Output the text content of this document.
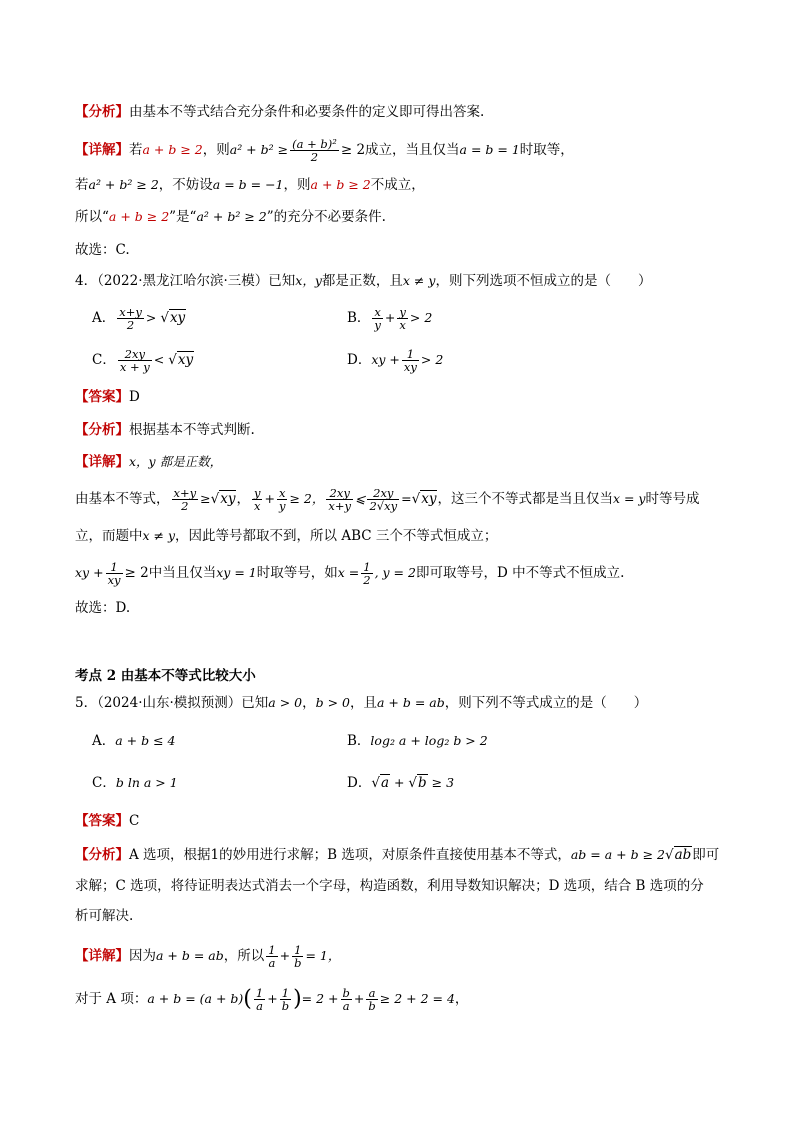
【分析】由基本不等式结合充分条件和必要条件的定义即可得出答案.
【详解】若a + b ≥ 2，则$a^2 + b^2 \ge \frac{\text{(a + b)²}}{2} \ge 2$成立，当且仅当a = b = 1时取等，
若a² + b² ≥ 2，不妨设a = b = −1，则a + b ≥ 2不成立，
所以“a + b ≥ 2”是“a² + b² ≥ 2”的充分不必要条件.
故选：C.
4．（2022·黑龙江哈尔滨·三模）已知x，y都是正数，且x ≠ y，则下列选项不恒成立的是（　　）
A． $\frac{x+y}{2} > √xy$	B． $\frac{x}{y} + \frac{y}{x} > 2$
C． $\frac{2xy}{x + y} < √xy$	D．xy + $\frac{1}{xy} > 2$
【答案】D
【分析】根据基本不等式判断.
【详解】x，y 都是正数，
由基本不等式， $\frac{x+y}{2} \ge√xy$， $\frac{y}{x} + \frac{x}{y} \ge 2$， $\frac{2xy}{x+y}$ ⩽ $\frac{2xy}{2√xy} =√xy$，这三个不等式都是当且仅当x = y时等号成
立，而题中x ≠ y，因此等号都取不到，所以 ABC 三个不等式恒成立；
xy + $\frac{1}{xy} \ge 2$中当且仅当xy = 1时取等号，如$x = \frac{1}{2}$ , y = 2即可取等号，D 中不等式不恒成立.
故选：D.
考点 2 由基本不等式比较大小
5．（2024·山东·模拟预测）已知a > 0，b > 0，且a + b = ab，则下列不等式成立的是（　　）
A．a + b ≤ 4	B．log₂ a + log₂ b > 2
C．b ln a > 1	D．√a + √b ≥ 3
【答案】C
【分析】A 选项，根据1的妙用进行求解；B 选项，对原条件直接使用基本不等式，ab = a + b ≥ 2√ab即可
求解；C 选项，将待证明表达式消去一个字母，构造函数，利用导数知识解决；D 选项，结合 B 选项的分
析可解决.
【详解】因为a + b = ab，所以 $\frac{1}{a} + \frac{1}{b} = 1$，
对于 A 项：$a + b = (a + b)( \frac{1}{a} + \frac{1}{b}$ )= $2 + \frac{b}{a} + \frac{a}{b} \ge 2 + 2 = 4$，
